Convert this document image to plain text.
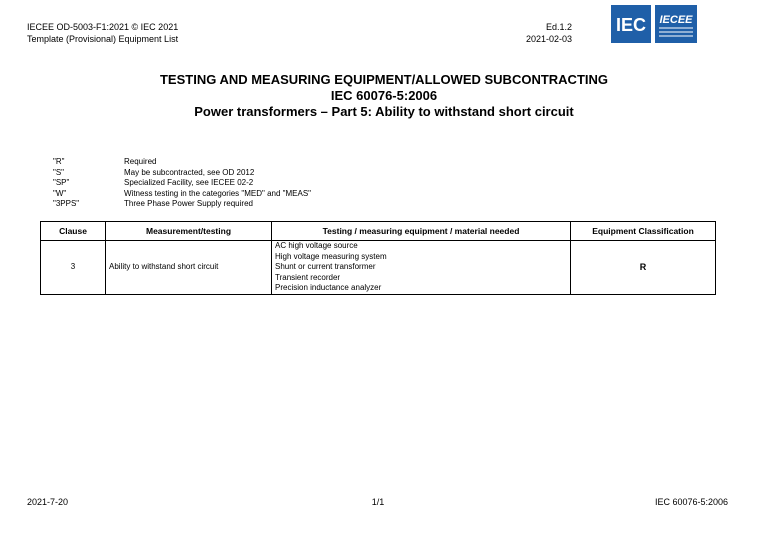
IECEE OD-5003-F1:2021 © IEC 2021
Template (Provisional) Equipment List
Ed.1.2
2021-02-03
IEC IECEE
TESTING AND MEASURING EQUIPMENT/ALLOWED SUBCONTRACTING
IEC 60076-5:2006
Power transformers – Part 5: Ability to withstand short circuit
"R"	Required
"S"	May be subcontracted, see OD 2012
"SP"	Specialized Facility, see IECEE 02-2
"W"	Witness testing in the categories "MED" and "MEAS"
"3PPS"	Three Phase Power Supply required
Clause	Measurement/testing	Testing / measuring equipment / material needed	Equipment Classification
3	Ability to withstand short circuit	AC high voltage source
High voltage measuring system
Shunt or current transformer
Transient recorder
Precision inductance analyzer	R
2021-7-20	1/1	IEC 60076-5:2006
